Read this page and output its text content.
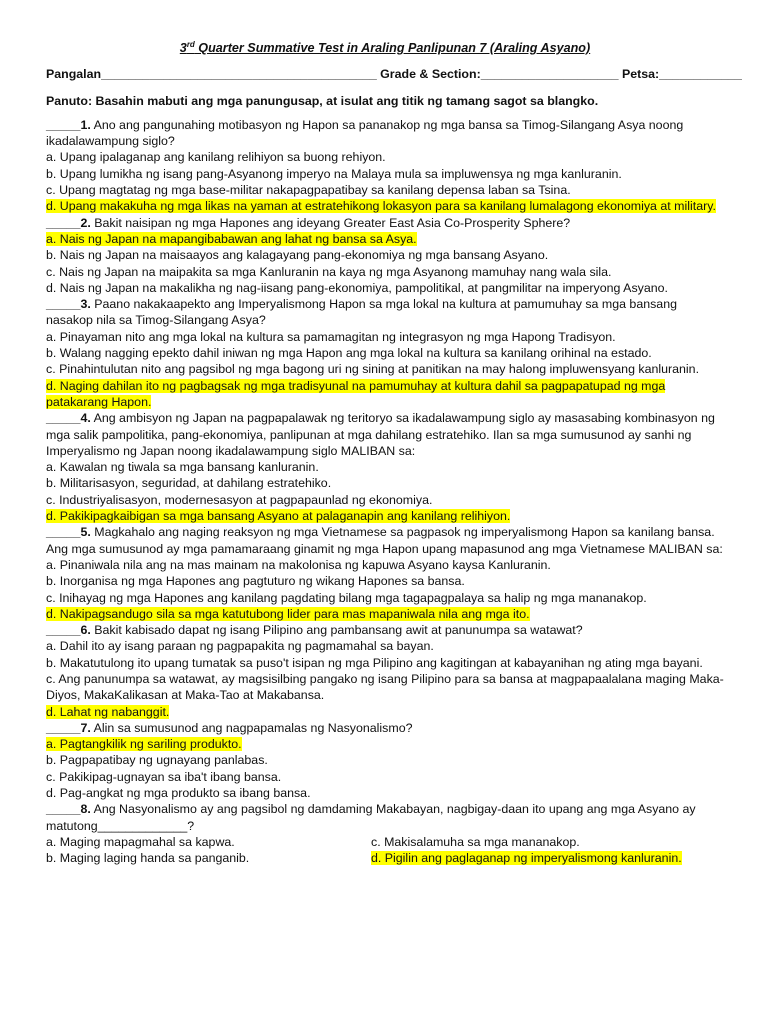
3rd Quarter Summative Test in Araling Panlipunan 7 (Araling Asyano)
Pangalan________________________________________ Grade & Section:____________________ Petsa:____________
Panuto: Basahin mabuti ang mga panungusap, at isulat ang titik ng tamang sagot sa blangko.

_____1. Ano ang pangunahing motibasyon ng Hapon sa pananakop ng mga bansa sa Timog-Silangang Asya noong ikadalawampung siglo?

a. Upang ipalaganap ang kanilang relihiyon sa buong rehiyon.

b. Upang lumikha ng isang pang-Asyanong imperyo na Malaya mula sa impluwensya ng mga kanluranin.

c. Upang magtatag ng mga base-militar nakapagpapatibay sa kanilang depensa laban sa Tsina.

d. Upang makakuha ng mga likas na yaman at estratehikong lokasyon para sa kanilang lumalagong ekonomiya at military.

_____2. Bakit naisipan ng mga Hapones ang ideyang Greater East Asia Co-Prosperity Sphere?

a. Nais ng Japan na mapangibabawan ang lahat ng bansa sa Asya.

b. Nais ng Japan na maisaayos ang kalagayang pang-ekonomiya ng mga bansang Asyano.

c. Nais ng Japan na maipakita sa mga Kanluranin na kaya ng mga Asyanong mamuhay nang wala sila.

d. Nais ng Japan na makalikha ng nag-iisang pang-ekonomiya, pampolitikal, at pangmilitar na imperyong Asyano.

_____3. Paano nakakaapekto ang Imperyalismong Hapon sa mga lokal na kultura at pamumuhay sa mga bansang nasakop nila sa Timog-Silangang Asya?

a. Pinayaman nito ang mga lokal na kultura sa pamamagitan ng integrasyon ng mga Hapong Tradisyon.

b. Walang nagging epekto dahil iniwan ng mga Hapon ang mga lokal na kultura sa kanilang orihinal na estado.

c. Pinahintulutan nito ang pagsibol ng mga bagong uri ng sining at panitikan na may halong impluwensyang kanluranin.

d. Naging dahilan ito ng pagbagsak ng mga tradisyunal na pamumuhay at kultura dahil sa pagpapatupad ng mga patakarang Hapon.

_____4. Ang ambisyon ng Japan na pagpapalawak ng teritoryo sa ikadalawampung siglo ay masasabing kombinasyon ng mga salik pampolitika, pang-ekonomiya, panlipunan at mga dahilang estratehiko. Ilan sa mga sumusunod ay sanhi ng Imperyalismo ng Japan noong ikadalawampung siglo MALIBAN sa:

a. Kawalan ng tiwala sa mga bansang kanluranin.

b. Militarisasyon, seguridad, at dahilang estratehiko.

c. Industriyalisasyon, modernesasyon at pagpapaunlad ng ekonomiya.

d. Pakikipagkaibigan sa mga bansang Asyano at palaganapin ang kanilang relihiyon.

_____5. Magkahalo ang naging reaksyon ng mga Vietnamese sa pagpasok ng imperyalismong Hapon sa kanilang bansa. Ang mga sumusunod ay mga pamamaraang ginamit ng mga Hapon upang mapasunod ang mga Vietnamese MALIBAN sa:

a. Pinaniwala nila ang na mas mainam na makolonisa ng kapuwa Asyano kaysa Kanluranin.

b. Inorganisa ng mga Hapones ang pagtuturo ng wikang Hapones sa bansa.

c. Inihayag ng mga Hapones ang kanilang pagdating bilang mga tagapagpalaya sa halip ng mga mananakop.

d. Nakipagsandugo sila sa mga katutubong lider para mas mapaniwala nila ang mga ito.

_____6. Bakit kabisado dapat ng isang Pilipino ang pambansang awit at panunumpa sa watawat?

a. Dahil ito ay isang paraan ng pagpapakita ng pagmamahal sa bayan.

b. Makatutulong ito upang tumatak sa puso't isipan ng mga Pilipino ang kagitingan at kabayanihan ng ating mga bayani.

c. Ang panunumpa sa watawat, ay magsisilbing pangako ng isang Pilipino para sa bansa at magpapaalalana maging Maka-Diyos, MakaKalikasan at Maka-Tao at Makabansa.

d. Lahat ng nabanggit.

_____7. Alin sa sumusunod ang nagpapamalas ng Nasyonalismo?

a. Pagtangkilik ng sariling produkto.

b. Pagpapatibay ng ugnayang panlabas.

c. Pakikipag-ugnayan sa iba't ibang bansa.

d. Pag-angkat ng mga produkto sa ibang bansa.

_____8. Ang Nasyonalismo ay ang pagsibol ng damdaming Makabayan, nagbigay-daan ito upang ang mga Asyano ay matutong_____________?

a. Maging mapagmahal sa kapwa.	c. Makisalamuha sa mga mananakop.
b. Maging laging handa sa panganib.	d. Pigilin ang paglaganap ng imperyalismong kanluranin.
